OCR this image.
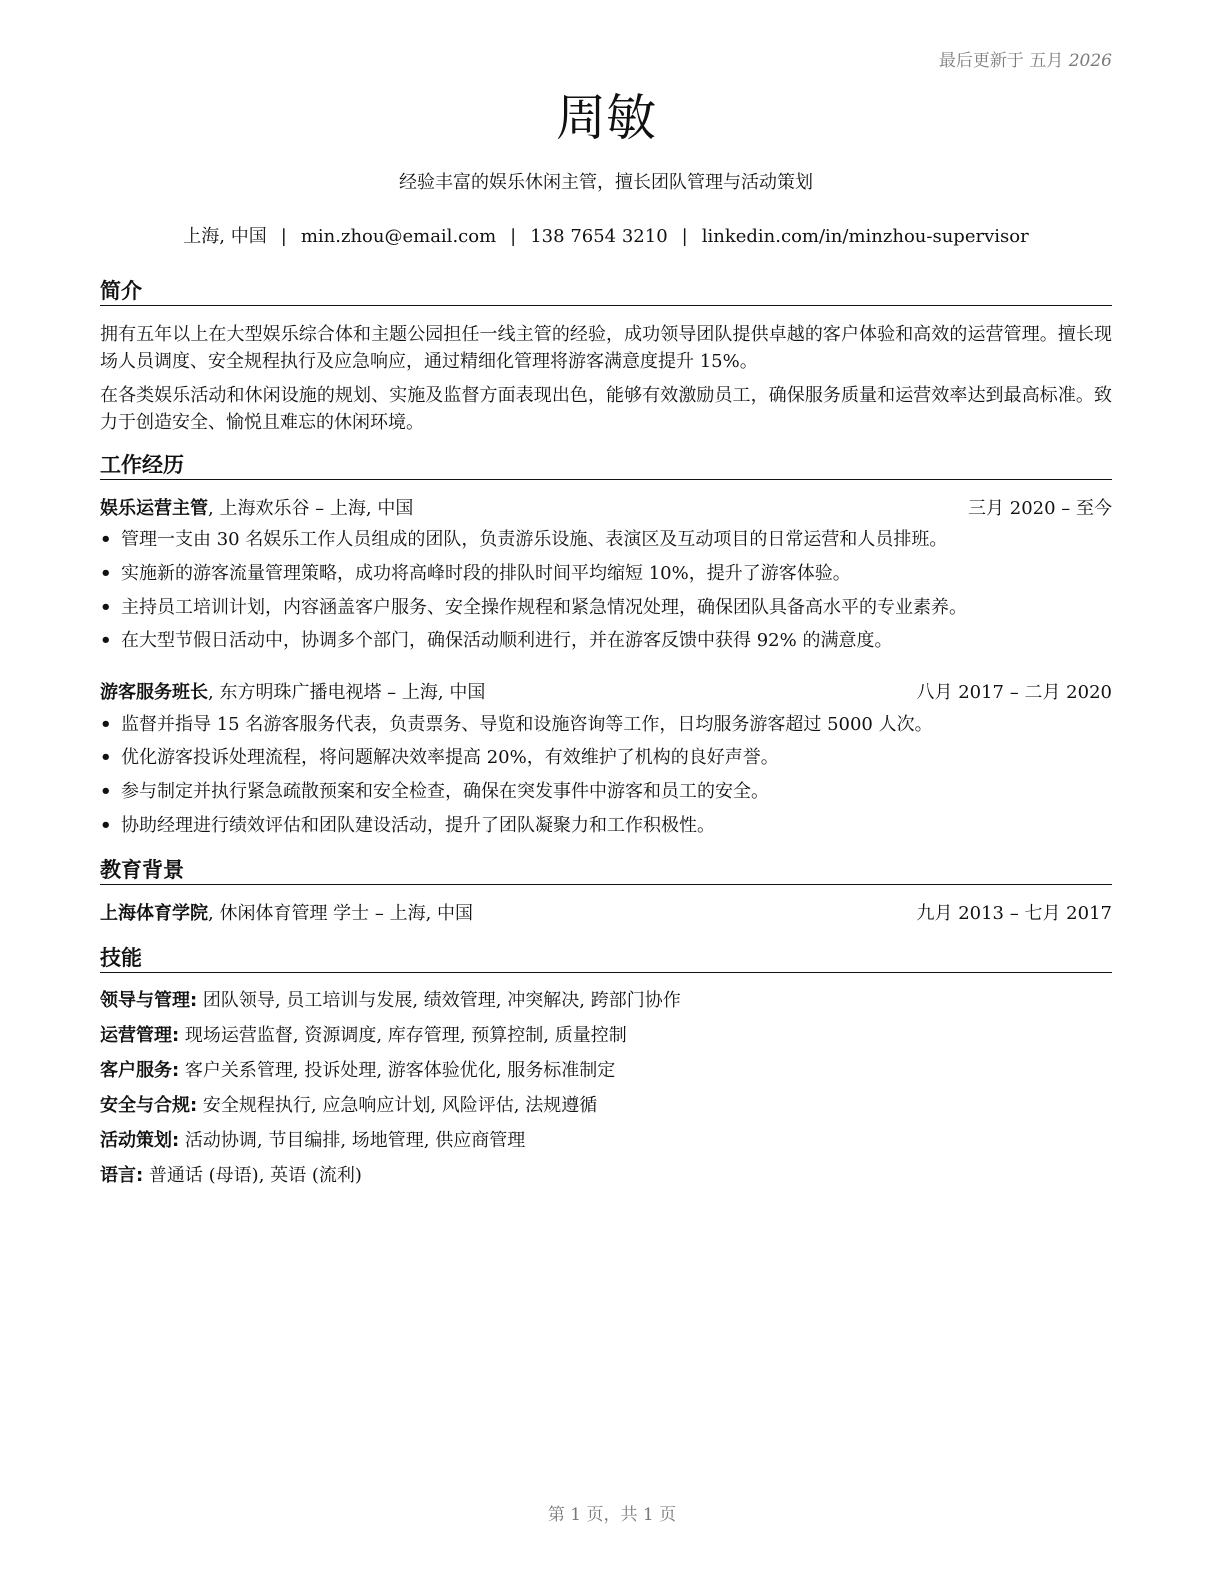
最后更新于 五月 2026
周敏
经验丰富的娱乐休闲主管，擅长团队管理与活动策划
上海, 中国 | min.zhou@email.com | 138 7654 3210 | linkedin.com/in/minzhou-supervisor
简介
拥有五年以上在大型娱乐综合体和主题公园担任一线主管的经验，成功领导团队提供卓越的客户体验和高效的运营管理。擅长现场人员调度、安全规程执行及应急响应，通过精细化管理将游客满意度提升 15%。
在各类娱乐活动和休闲设施的规划、实施及监督方面表现出色，能够有效激励员工，确保服务质量和运营效率达到最高标准。致力于创造安全、愉悦且难忘的休闲环境。
工作经历
娱乐运营主管, 上海欢乐谷 – 上海, 中国	三月 2020 – 至今
• 管理一支由 30 名娱乐工作人员组成的团队，负责游乐设施、表演区及互动项目的日常运营和人员排班。
• 实施新的游客流量管理策略，成功将高峰时段的排队时间平均缩短 10%，提升了游客体验。
• 主持员工培训计划，内容涵盖客户服务、安全操作规程和紧急情况处理，确保团队具备高水平的专业素养。
• 在大型节假日活动中，协调多个部门，确保活动顺利进行，并在游客反馈中获得 92% 的满意度。
游客服务班长, 东方明珠广播电视塔 – 上海, 中国	八月 2017 – 二月 2020
• 监督并指导 15 名游客服务代表，负责票务、导览和设施咨询等工作，日均服务游客超过 5000 人次。
• 优化游客投诉处理流程，将问题解决效率提高 20%，有效维护了机构的良好声誉。
• 参与制定并执行紧急疏散预案和安全检查，确保在突发事件中游客和员工的安全。
• 协助经理进行绩效评估和团队建设活动，提升了团队凝聚力和工作积极性。
教育背景
上海体育学院, 休闲体育管理 学士 – 上海, 中国	九月 2013 – 七月 2017
技能
领导与管理: 团队领导, 员工培训与发展, 绩效管理, 冲突解决, 跨部门协作
运营管理: 现场运营监督, 资源调度, 库存管理, 预算控制, 质量控制
客户服务: 客户关系管理, 投诉处理, 游客体验优化, 服务标准制定
安全与合规: 安全规程执行, 应急响应计划, 风险评估, 法规遵循
活动策划: 活动协调, 节目编排, 场地管理, 供应商管理
语言: 普通话 (母语), 英语 (流利)
第 1 页，共 1 页
